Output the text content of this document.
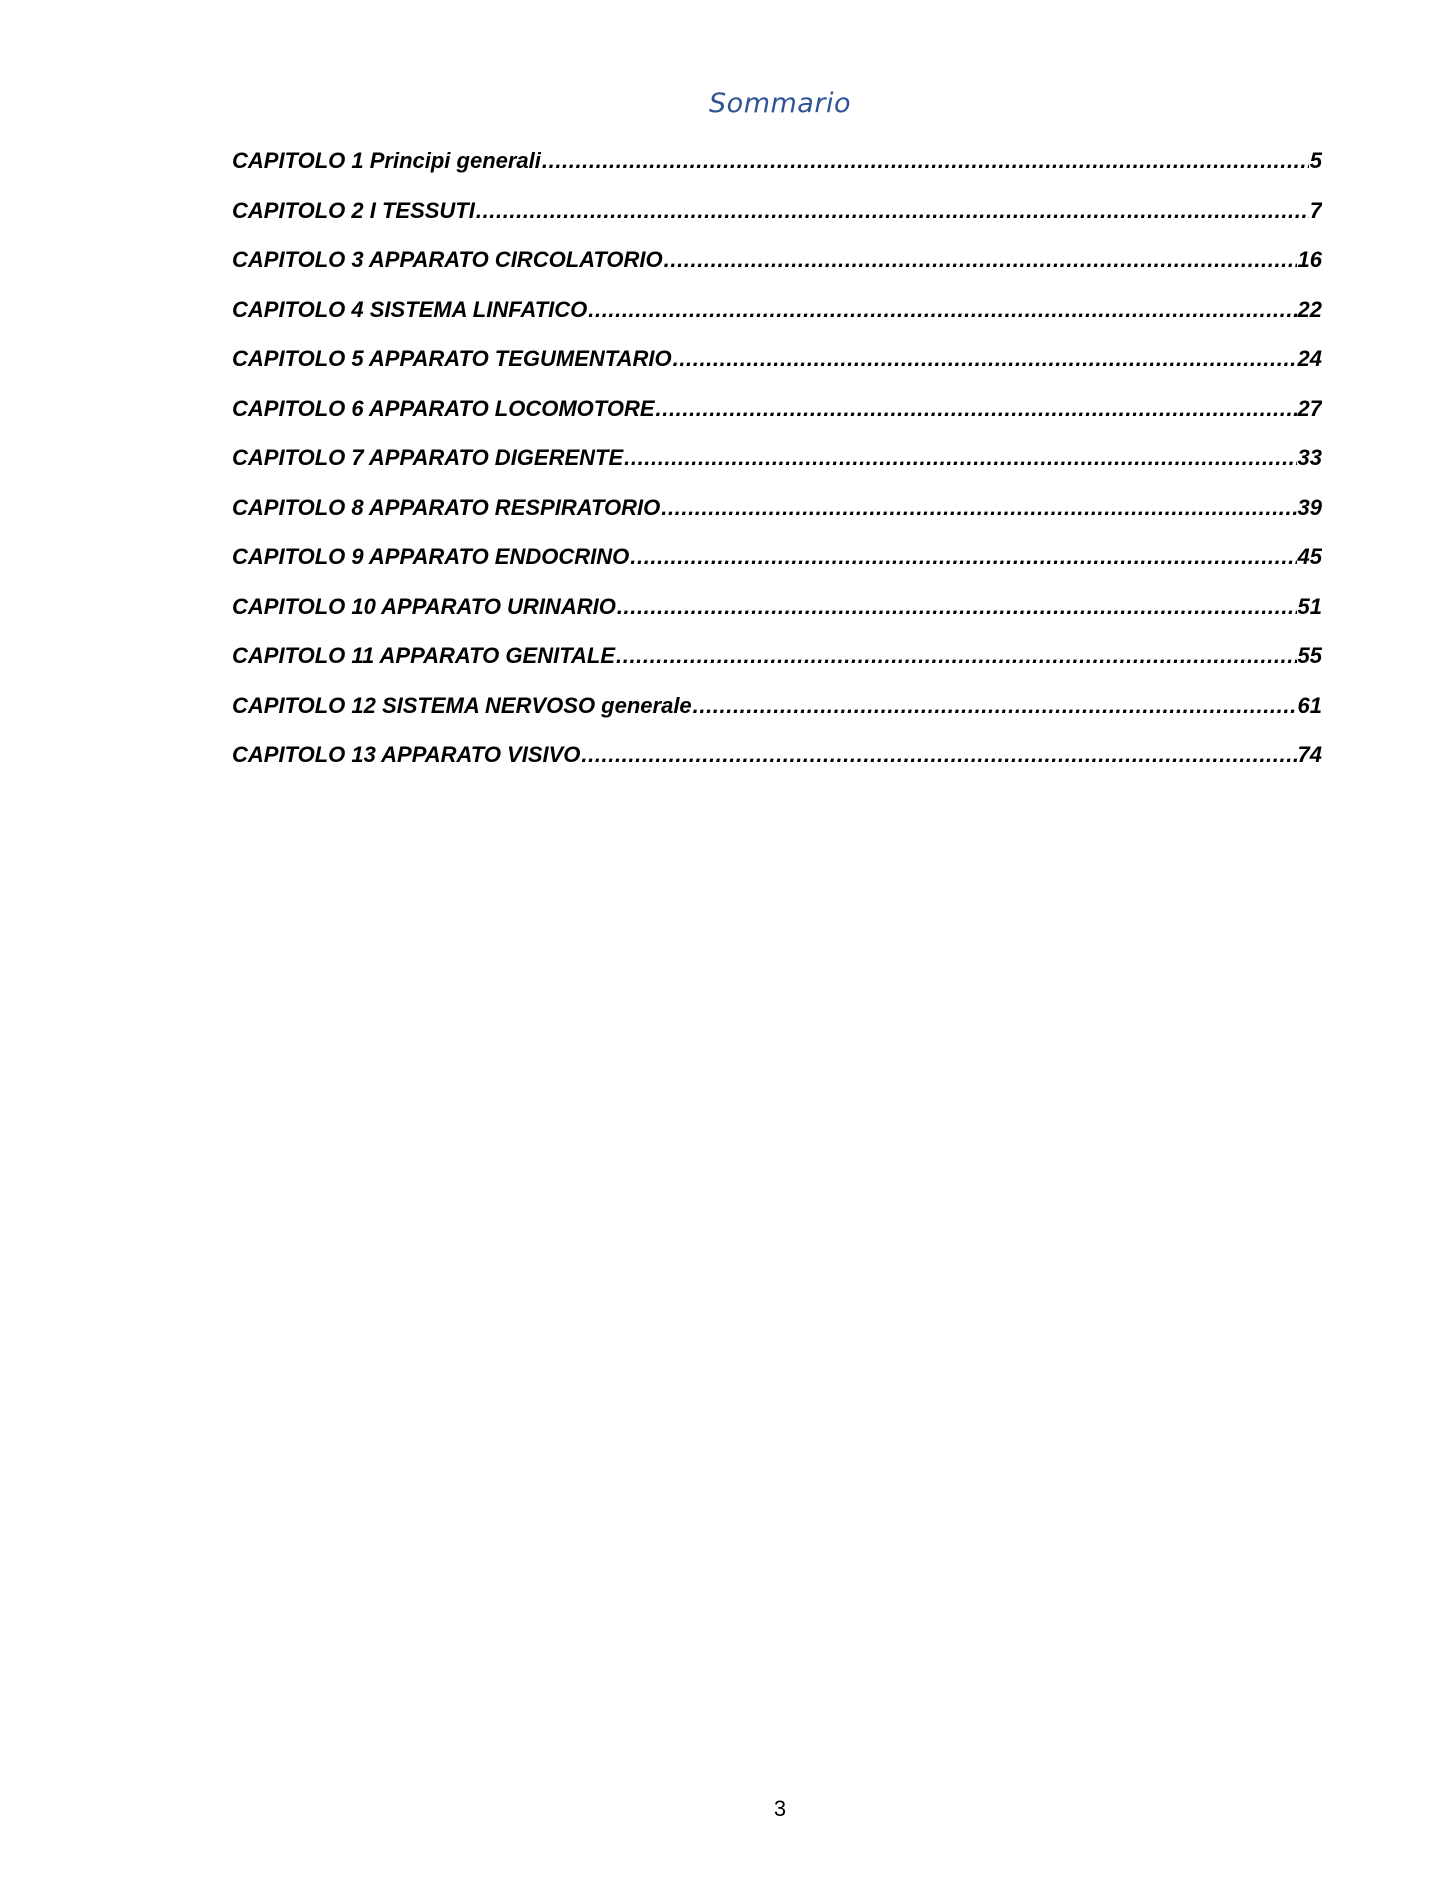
Sommario
CAPITOLO 1 Principi generali .....	5
CAPITOLO 2 I TESSUTI .....	7
CAPITOLO 3 APPARATO CIRCOLATORIO .....	16
CAPITOLO 4 SISTEMA LINFATICO .....	22
CAPITOLO 5 APPARATO TEGUMENTARIO .....	24
CAPITOLO 6 APPARATO LOCOMOTORE .....	27
CAPITOLO 7 APPARATO DIGERENTE .....	33
CAPITOLO 8 APPARATO RESPIRATORIO .....	39
CAPITOLO 9 APPARATO ENDOCRINO .....	45
CAPITOLO 10 APPARATO URINARIO .....	51
CAPITOLO 11 APPARATO GENITALE .....	55
CAPITOLO 12 SISTEMA NERVOSO generale .....	61
CAPITOLO 13 APPARATO VISIVO .....	74
3
